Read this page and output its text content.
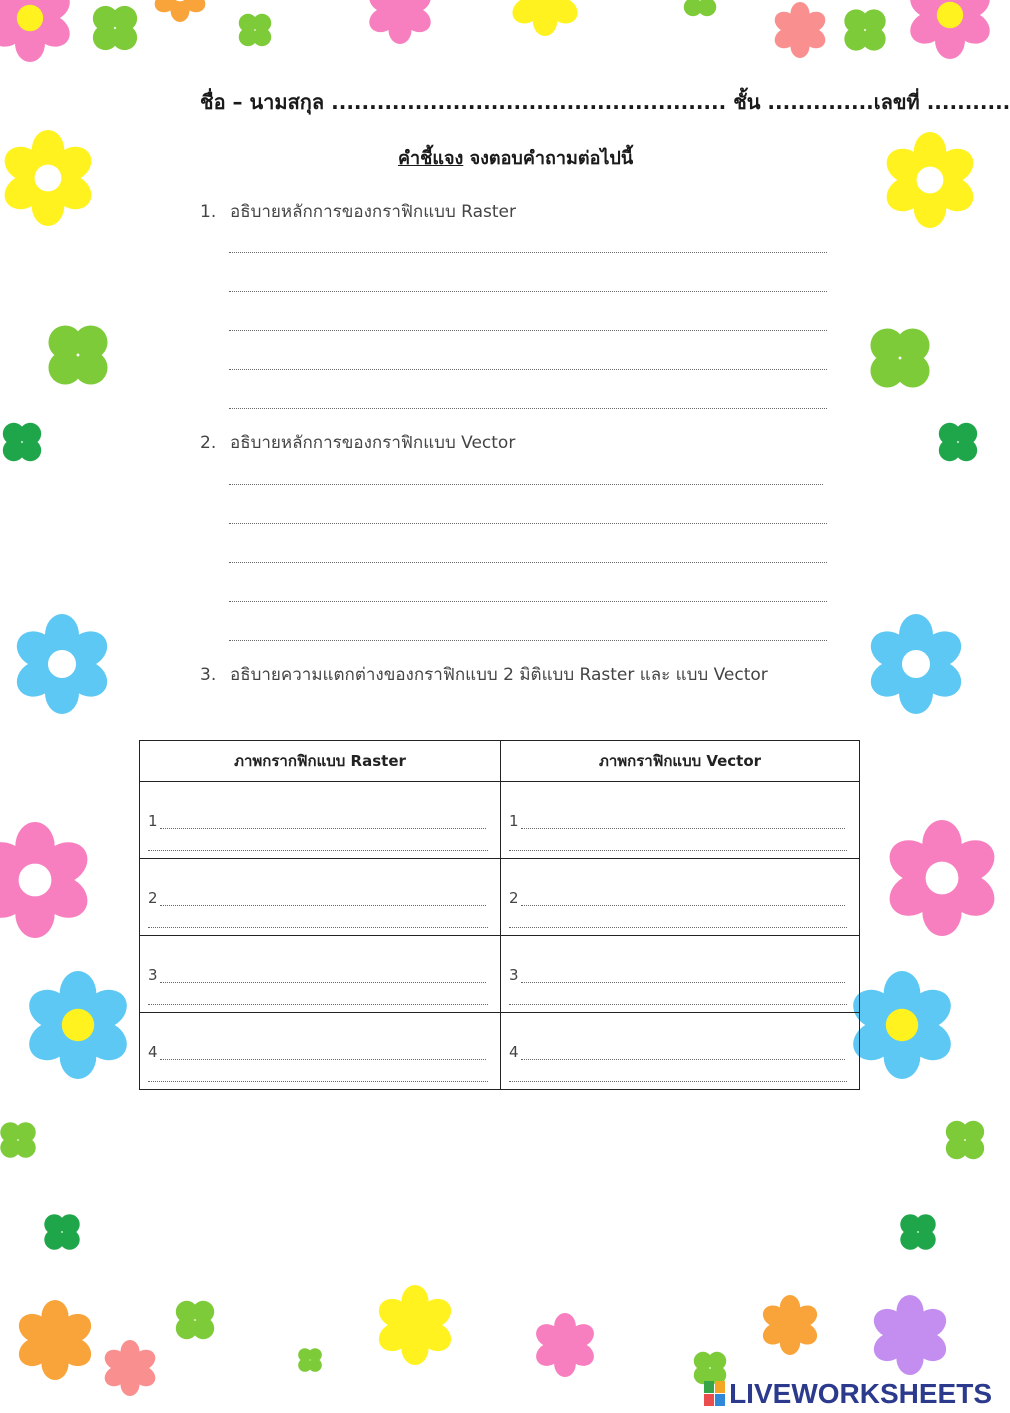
ชื่อ – นามสกุล .................................................... ชั้น ..............เลขที่ ...........
คำชี้แจง จงตอบคำถามต่อไปนี้
1. อธิบายหลักการของกราฟิกแบบ Raster
2. อธิบายหลักการของกราฟิกแบบ Vector
3. อธิบายความแตกต่างของกราฟิกแบบ 2 มิติแบบ Raster และ แบบ Vector
ภาพกรากฟิกแบบ Raster	ภาพกราฟิกแบบ Vector

1	1

2	2

3	3

4	4
LIVEWORKSHEETS
